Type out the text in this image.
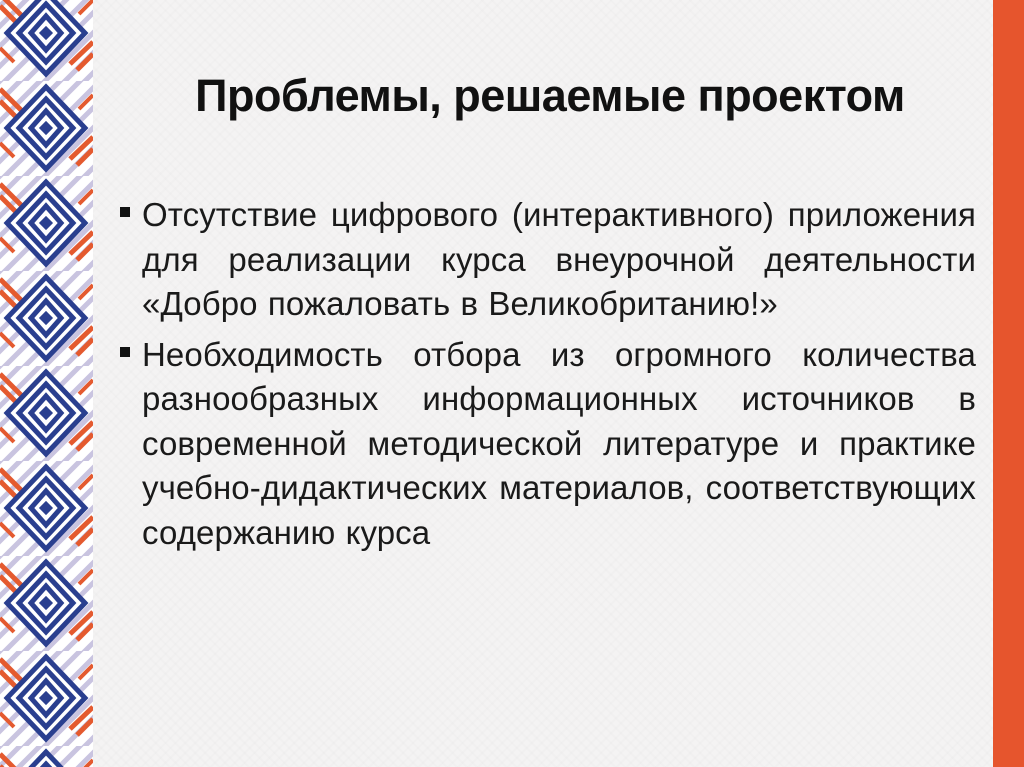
Проблемы, решаемые проектом
Отсутствие цифрового (интерактивного) приложения для реализации курса внеурочной деятельности «Добро пожаловать в Великобританию!»
Необходимость отбора из огромного количества разнообразных информационных источников в современной методической литературе и практике учебно-дидактических материалов, соответствующих содержанию курса
